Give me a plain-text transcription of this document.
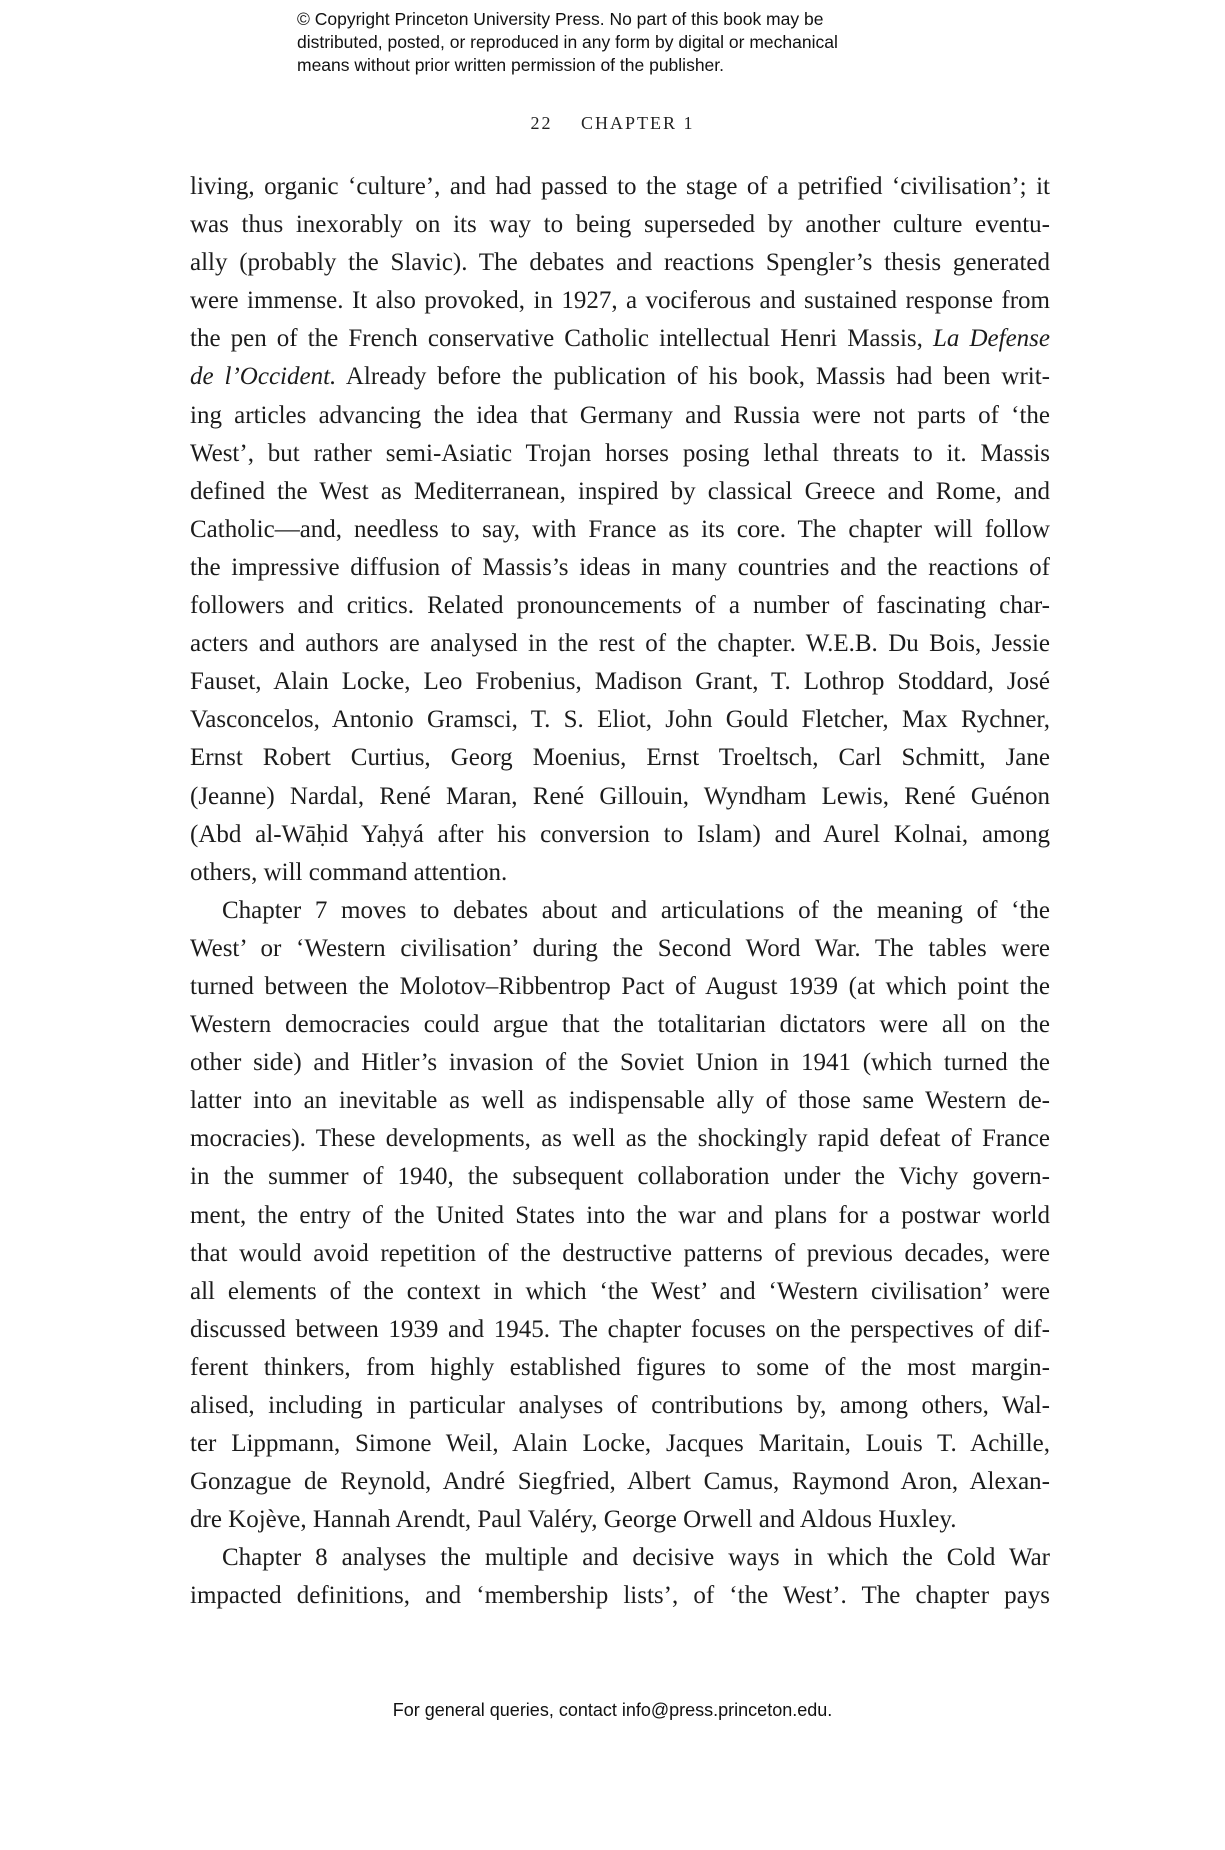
© Copyright Princeton University Press. No part of this book may be
distributed, posted, or reproduced in any form by digital or mechanical
means without prior written permission of the publisher.
22 CHAPTER 1
living, organic ‘culture’, and had passed to the stage of a petrified ‘civilisation’; it
was thus inexorably on its way to being superseded by another culture eventu-
ally (probably the Slavic). The debates and reactions Spengler’s thesis generated
were immense. It also provoked, in 1927, a vociferous and sustained response from
the pen of the French conservative Catholic intellectual Henri Massis, La Defense
de l’Occident. Already before the publication of his book, Massis had been writ-
ing articles advancing the idea that Germany and Russia were not parts of ‘the
West’, but rather semi-Asiatic Trojan horses posing lethal threats to it. Massis
defined the West as Mediterranean, inspired by classical Greece and Rome, and
Catholic—and, needless to say, with France as its core. The chapter will follow
the impressive diffusion of Massis’s ideas in many countries and the reactions of
followers and critics. Related pronouncements of a number of fascinating char-
acters and authors are analysed in the rest of the chapter. W.E.B. Du Bois, Jessie
Fauset, Alain Locke, Leo Frobenius, Madison Grant, T. Lothrop Stoddard, José
Vasconcelos, Antonio Gramsci, T. S. Eliot, John Gould Fletcher, Max Rychner,
Ernst Robert Curtius, Georg Moenius, Ernst Troeltsch, Carl Schmitt, Jane
(Jeanne) Nardal, René Maran, René Gillouin, Wyndham Lewis, René Guénon
(Abd al-Wāḥid Yaḥyá after his conversion to Islam) and Aurel Kolnai, among
others, will command attention.
Chapter 7 moves to debates about and articulations of the meaning of ‘the
West’ or ‘Western civilisation’ during the Second Word War. The tables were
turned between the Molotov–Ribbentrop Pact of August 1939 (at which point the
Western democracies could argue that the totalitarian dictators were all on the
other side) and Hitler’s invasion of the Soviet Union in 1941 (which turned the
latter into an inevitable as well as indispensable ally of those same Western de-
mocracies). These developments, as well as the shockingly rapid defeat of France
in the summer of 1940, the subsequent collaboration under the Vichy govern-
ment, the entry of the United States into the war and plans for a postwar world
that would avoid repetition of the destructive patterns of previous decades, were
all elements of the context in which ‘the West’ and ‘Western civilisation’ were
discussed between 1939 and 1945. The chapter focuses on the perspectives of dif-
ferent thinkers, from highly established figures to some of the most margin-
alised, including in particular analyses of contributions by, among others, Wal-
ter Lippmann, Simone Weil, Alain Locke, Jacques Maritain, Louis T. Achille,
Gonzague de Reynold, André Siegfried, Albert Camus, Raymond Aron, Alexan-
dre Kojève, Hannah Arendt, Paul Valéry, George Orwell and Aldous Huxley.
Chapter 8 analyses the multiple and decisive ways in which the Cold War
impacted definitions, and ‘membership lists’, of ‘the West’. The chapter pays
For general queries, contact info@press.princeton.edu.
